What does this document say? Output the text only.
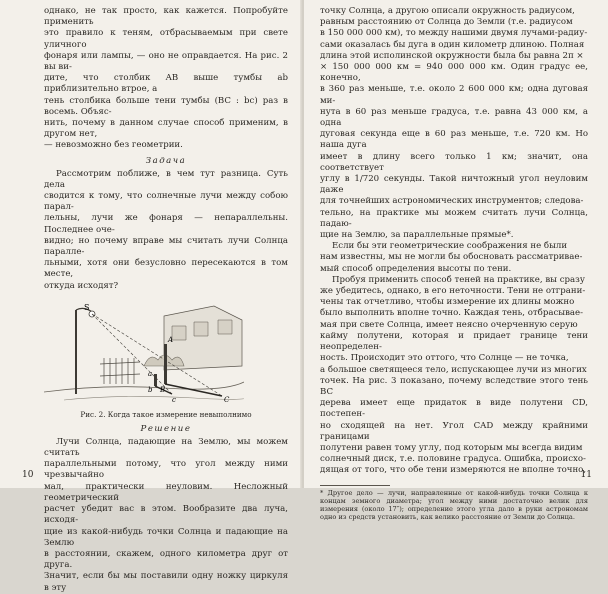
однако, не так просто, как кажется. Попробуйте применить
это правило к теням, отбрасываемым при свете уличного
фонаря или лампы, — оно не оправдается. На рис. 2 вы ви-
дите, что столбик AB выше тумбы ab приблизительно втрое, а
тень столбика больше тени тумбы (BC : bc) раз в восемь. Объяс-
нить, почему в данном случае способ применим, в другом нет,
— невозможно без геометрии.

Задача

Рассмотрим поближе, в чем тут разница. Суть дела
сводится к тому, что солнечные лучи между собою парал-
лельны, лучи же фонаря — непараллельны. Последнее оче-
видно; но почему вправе мы считать лучи Солнца паралле-
льными, хотя они безусловно пересекаются в том месте,
откуда исходят?

S
A
a
b B
C
c
Рис. 2. Когда такое измерение невыполнимо
Решение

Лучи Солнца, падающие на Землю, мы можем считать
параллельными потому, что угол между ними чрезвычайно
мал, практически неуловим. Несложный геометрический
расчет убедит вас в этом. Вообразите два луча, исходя-
щие из какой-нибудь точки Солнца и падающие на Землю
в расстоянии, скажем, одного километра друг от друга.
Значит, если бы мы поставили одну ножку циркуля в эту

10

точку Солнца, а другою описали окружность радиусом,
равным расстоянию от Солнца до Земли (т.е. радиусом
в 150 000 000 км), то между нашими двумя лучами-радиу-
сами оказалась бы дуга в один километр длиною. Полная
длина этой исполинской окружности была бы равна 2π ×
× 150 000 000 км = 940 000 000 км. Один градус ее, конечно,
в 360 раз меньше, т.е. около 2 600 000 км; одна дуговая ми-
нута в 60 раз меньше градуса, т.е. равна 43 000 км, а одна
дуговая секунда еще в 60 раз меньше, т.е. 720 км. Но наша дуга
имеет в длину всего только 1 км; значит, она соответствует
углу в 1/720 секунды. Такой ничтожный угол неуловим даже
для точнейших астрономических инструментов; следова-
тельно, на практике мы можем считать лучи Солнца, падаю-
щие на Землю, за параллельные прямые*.

Если бы эти геометрические соображения не были
нам известны, мы не могли бы обосновать рассматривае-
мый способ определения высоты по тени.

Пробуя применить способ теней на практике, вы сразу
же убедитесь, однако, в его неточности. Тени не отграни-
чены так отчетливо, чтобы измерение их длины можно
было выполнить вполне точно. Каждая тень, отбрасывае-
мая при свете Солнца, имеет неясно очерченную серую
каймy полутени, которая и придает границе тени неопределен-
ность. Происходит это оттого, что Солнце — не точка,
а большое светящееся тело, испускающее лучи из многих
точек. На рис. 3 показано, почему вследствие этого тень BC
дерева имеет еще придаток в виде полутени CD, постепен-
но сходящей на нет. Угол CAD между крайними границами
полутени равен тому углу, под которым мы всегда видим
солнечный диск, т.е. половине градуса. Ошибка, происхо-
дящая от того, что обе тени измеряются не вполне точно,

* Другое дело — лучи, направленные от какой-нибудь точки Солнца к концам земного диаметра; угол между ними достаточно велик для измерения (около 17″); определение этого угла дало в руки астрономам одно из средств установить, как велико расстояние от Земли до Солнца.

11
